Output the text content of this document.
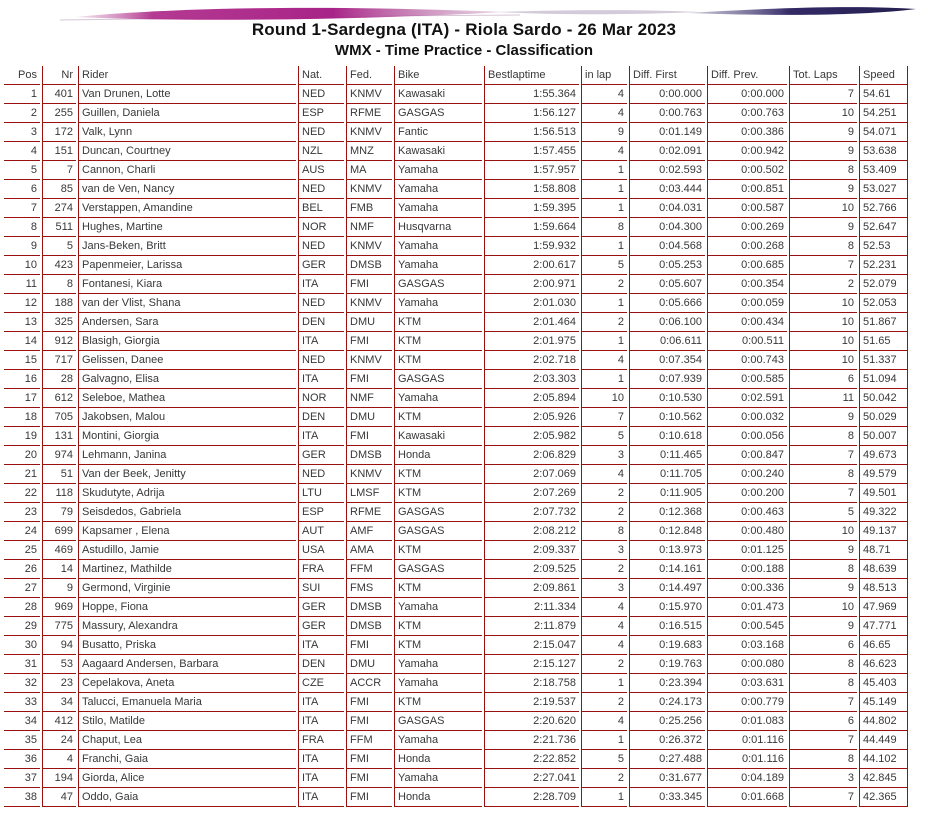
Round 1-Sardegna (ITA) - Riola Sardo - 26 Mar 2023
WMX - Time Practice - Classification
Pos	Nr	Rider	Nat.	Fed.	Bike	Bestlaptime	in lap	Diff. First	Diff. Prev.	Tot. Laps	Speed
1	401	Van Drunen, Lotte	NED	KNMV	Kawasaki	1:55.364	4	0:00.000	0:00.000	7	54.61
2	255	Guillen, Daniela	ESP	RFME	GASGAS	1:56.127	4	0:00.763	0:00.763	10	54.251
3	172	Valk, Lynn	NED	KNMV	Fantic	1:56.513	9	0:01.149	0:00.386	9	54.071
4	151	Duncan, Courtney	NZL	MNZ	Kawasaki	1:57.455	4	0:02.091	0:00.942	9	53.638
5	7	Cannon, Charli	AUS	MA	Yamaha	1:57.957	1	0:02.593	0:00.502	8	53.409
6	85	van de Ven, Nancy	NED	KNMV	Yamaha	1:58.808	1	0:03.444	0:00.851	9	53.027
7	274	Verstappen, Amandine	BEL	FMB	Yamaha	1:59.395	1	0:04.031	0:00.587	10	52.766
8	511	Hughes, Martine	NOR	NMF	Husqvarna	1:59.664	8	0:04.300	0:00.269	9	52.647
9	5	Jans-Beken, Britt	NED	KNMV	Yamaha	1:59.932	1	0:04.568	0:00.268	8	52.53
10	423	Papenmeier, Larissa	GER	DMSB	Yamaha	2:00.617	5	0:05.253	0:00.685	7	52.231
11	8	Fontanesi, Kiara	ITA	FMI	GASGAS	2:00.971	2	0:05.607	0:00.354	2	52.079
12	188	van der Vlist, Shana	NED	KNMV	Yamaha	2:01.030	1	0:05.666	0:00.059	10	52.053
13	325	Andersen, Sara	DEN	DMU	KTM	2:01.464	2	0:06.100	0:00.434	10	51.867
14	912	Blasigh, Giorgia	ITA	FMI	KTM	2:01.975	1	0:06.611	0:00.511	10	51.65
15	717	Gelissen, Danee	NED	KNMV	KTM	2:02.718	4	0:07.354	0:00.743	10	51.337
16	28	Galvagno, Elisa	ITA	FMI	GASGAS	2:03.303	1	0:07.939	0:00.585	6	51.094
17	612	Seleboe, Mathea	NOR	NMF	Yamaha	2:05.894	10	0:10.530	0:02.591	11	50.042
18	705	Jakobsen, Malou	DEN	DMU	KTM	2:05.926	7	0:10.562	0:00.032	9	50.029
19	131	Montini, Giorgia	ITA	FMI	Kawasaki	2:05.982	5	0:10.618	0:00.056	8	50.007
20	974	Lehmann, Janina	GER	DMSB	Honda	2:06.829	3	0:11.465	0:00.847	7	49.673
21	51	Van der Beek, Jenitty	NED	KNMV	KTM	2:07.069	4	0:11.705	0:00.240	8	49.579
22	118	Skudutyte, Adrija	LTU	LMSF	KTM	2:07.269	2	0:11.905	0:00.200	7	49.501
23	79	Seisdedos, Gabriela	ESP	RFME	GASGAS	2:07.732	2	0:12.368	0:00.463	5	49.322
24	699	Kapsamer , Elena	AUT	AMF	GASGAS	2:08.212	8	0:12.848	0:00.480	10	49.137
25	469	Astudillo, Jamie	USA	AMA	KTM	2:09.337	3	0:13.973	0:01.125	9	48.71
26	14	Martinez, Mathilde	FRA	FFM	GASGAS	2:09.525	2	0:14.161	0:00.188	8	48.639
27	9	Germond, Virginie	SUI	FMS	KTM	2:09.861	3	0:14.497	0:00.336	9	48.513
28	969	Hoppe, Fiona	GER	DMSB	Yamaha	2:11.334	4	0:15.970	0:01.473	10	47.969
29	775	Massury, Alexandra	GER	DMSB	KTM	2:11.879	4	0:16.515	0:00.545	9	47.771
30	94	Busatto, Priska	ITA	FMI	KTM	2:15.047	4	0:19.683	0:03.168	6	46.65
31	53	Aagaard Andersen, Barbara	DEN	DMU	Yamaha	2:15.127	2	0:19.763	0:00.080	8	46.623
32	23	Cepelakova, Aneta	CZE	ACCR	Yamaha	2:18.758	1	0:23.394	0:03.631	8	45.403
33	34	Talucci, Emanuela Maria	ITA	FMI	KTM	2:19.537	2	0:24.173	0:00.779	7	45.149
34	412	Stilo, Matilde	ITA	FMI	GASGAS	2:20.620	4	0:25.256	0:01.083	6	44.802
35	24	Chaput, Lea	FRA	FFM	Yamaha	2:21.736	1	0:26.372	0:01.116	7	44.449
36	4	Franchi, Gaia	ITA	FMI	Honda	2:22.852	5	0:27.488	0:01.116	8	44.102
37	194	Giorda, Alice	ITA	FMI	Yamaha	2:27.041	2	0:31.677	0:04.189	3	42.845
38	47	Oddo, Gaia	ITA	FMI	Honda	2:28.709	1	0:33.345	0:01.668	7	42.365
